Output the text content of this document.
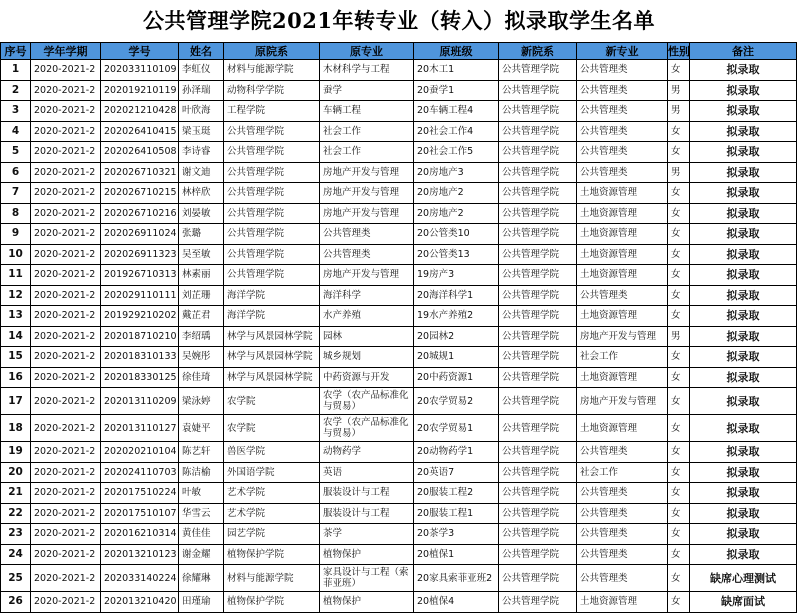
公共管理学院2021年转专业（转入）拟录取学生名单
序号	学年学期	学号	姓名	原院系	原专业	原班级	新院系	新专业	性别	备注
1	2020-2021-2	202033110109	李虹仪	材料与能源学院	木材科学与工程	20木工1	公共管理学院	公共管理类	女	拟录取
2	2020-2021-2	202019210119	孙泽瑞	动物科学学院	蚕学	20蚕学1	公共管理学院	公共管理类	男	拟录取
3	2020-2021-2	202021210428	叶欣海	工程学院	车辆工程	20车辆工程4	公共管理学院	公共管理类	男	拟录取
4	2020-2021-2	202026410415	梁玉珽	公共管理学院	社会工作	20社会工作4	公共管理学院	公共管理类	女	拟录取
5	2020-2021-2	202026410508	李诗睿	公共管理学院	社会工作	20社会工作5	公共管理学院	公共管理类	女	拟录取
6	2020-2021-2	202026710321	谢文迪	公共管理学院	房地产开发与管理	20房地产3	公共管理学院	公共管理类	男	拟录取
7	2020-2021-2	202026710215	林梓欣	公共管理学院	房地产开发与管理	20房地产2	公共管理学院	土地资源管理	女	拟录取
8	2020-2021-2	202026710216	刘晏敏	公共管理学院	房地产开发与管理	20房地产2	公共管理学院	土地资源管理	女	拟录取
9	2020-2021-2	202026911024	张璐	公共管理学院	公共管理类	20公管类10	公共管理学院	土地资源管理	女	拟录取
10	2020-2021-2	202026911323	吴至敏	公共管理学院	公共管理类	20公管类13	公共管理学院	土地资源管理	女	拟录取
11	2020-2021-2	201926710313	林素丽	公共管理学院	房地产开发与管理	19房产3	公共管理学院	土地资源管理	女	拟录取
12	2020-2021-2	202029110111	刘芷珊	海洋学院	海洋科学	20海洋科学1	公共管理学院	公共管理类	女	拟录取
13	2020-2021-2	201929210202	戴芷君	海洋学院	水产养殖	19水产养殖2	公共管理学院	土地资源管理	女	拟录取
14	2020-2021-2	202018710210	李绍瑀	林学与风景园林学院	园林	20园林2	公共管理学院	房地产开发与管理	男	拟录取
15	2020-2021-2	202018310133	吴婉彤	林学与风景园林学院	城乡规划	20城规1	公共管理学院	社会工作	女	拟录取
16	2020-2021-2	202018330125	徐佳琦	林学与风景园林学院	中药资源与开发	20中药资源1	公共管理学院	土地资源管理	女	拟录取
17	2020-2021-2	202013110209	梁泳婷	农学院	农学（农产品标准化与贸易）	20农学贸易2	公共管理学院	房地产开发与管理	女	拟录取
18	2020-2021-2	202013110127	袁婕平	农学院	农学（农产品标准化与贸易）	20农学贸易1	公共管理学院	土地资源管理	女	拟录取
19	2020-2021-2	202020210104	陈艺轩	兽医学院	动物药学	20动物药学1	公共管理学院	公共管理类	女	拟录取
20	2020-2021-2	202024110703	陈洁榆	外国语学院	英语	20英语7	公共管理学院	社会工作	女	拟录取
21	2020-2021-2	202017510224	叶敏	艺术学院	服装设计与工程	20服装工程2	公共管理学院	公共管理类	女	拟录取
22	2020-2021-2	202017510107	华雪云	艺术学院	服装设计与工程	20服装工程1	公共管理学院	公共管理类	女	拟录取
23	2020-2021-2	202016210314	黄佳佳	园艺学院	茶学	20茶学3	公共管理学院	公共管理类	女	拟录取
24	2020-2021-2	202013210123	谢金耀	植物保护学院	植物保护	20植保1	公共管理学院	公共管理类	女	拟录取
25	2020-2021-2	202033140224	徐耀琳	材料与能源学院	家具设计与工程（索菲亚班）	20家具索菲亚班2	公共管理学院	公共管理类	女	缺席心理测试
26	2020-2021-2	202013210420	田瑾瑜	植物保护学院	植物保护	20植保4	公共管理学院	土地资源管理	女	缺席面试
